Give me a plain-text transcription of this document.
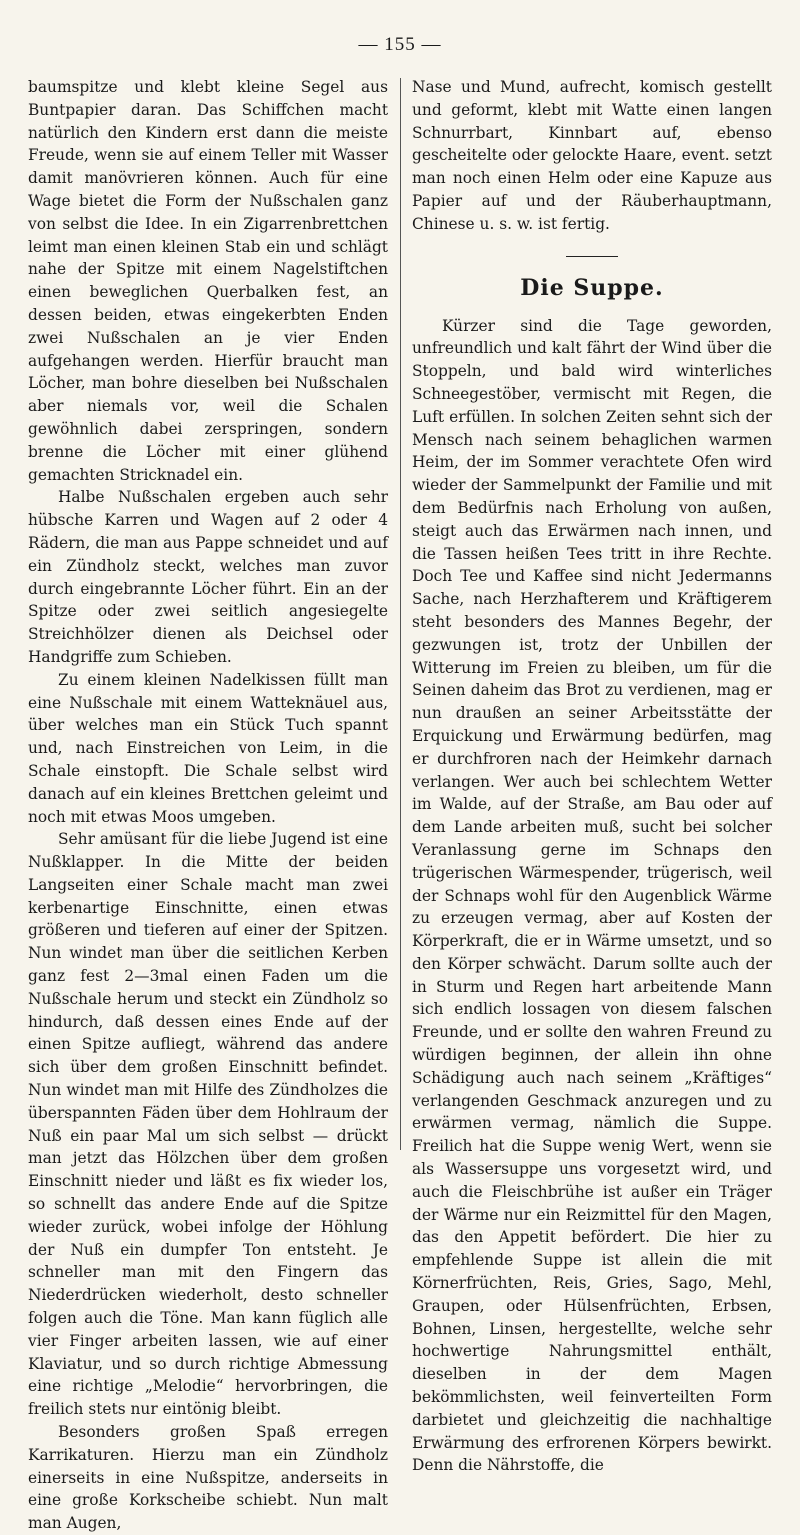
— 155 —

baumspitze und klebt kleine Segel aus Buntpapier daran. Das Schiffchen macht natürlich den Kindern erst dann die meiste Freude, wenn sie auf einem Teller mit Wasser damit manövrieren können. Auch für eine Wage bietet die Form der Nußschalen ganz von selbst die Idee. In ein Zigarrenbrettchen leimt man einen kleinen Stab ein und schlägt nahe der Spitze mit einem Nagelstiftchen einen beweglichen Querbalken fest, an dessen beiden, etwas eingekerbten Enden zwei Nußschalen an je vier Enden aufgehangen werden. Hierfür braucht man Löcher, man bohre dieselben bei Nußschalen aber niemals vor, weil die Schalen gewöhnlich dabei zerspringen, sondern brenne die Löcher mit einer glühend gemachten Stricknadel ein.

Halbe Nußschalen ergeben auch sehr hübsche Karren und Wagen auf 2 oder 4 Rädern, die man aus Pappe schneidet und auf ein Zündholz steckt, welches man zuvor durch eingebrannte Löcher führt. Ein an der Spitze oder zwei seitlich angesiegelte Streichhölzer dienen als Deichsel oder Handgriffe zum Schieben.

Zu einem kleinen Nadelkissen füllt man eine Nußschale mit einem Watteknäuel aus, über welches man ein Stück Tuch spannt und, nach Einstreichen von Leim, in die Schale einstopft. Die Schale selbst wird danach auf ein kleines Brettchen geleimt und noch mit etwas Moos umgeben.

Sehr amüsant für die liebe Jugend ist eine Nußklapper. In die Mitte der beiden Langseiten einer Schale macht man zwei kerbenartige Einschnitte, einen etwas größeren und tieferen auf einer der Spitzen. Nun windet man über die seitlichen Kerben ganz fest 2—3mal einen Faden um die Nußschale herum und steckt ein Zündholz so hindurch, daß dessen eines Ende auf der einen Spitze aufliegt, während das andere sich über dem großen Einschnitt befindet. Nun windet man mit Hilfe des Zündholzes die überspannten Fäden über dem Hohlraum der Nuß ein paar Mal um sich selbst — drückt man jetzt das Hölzchen über dem großen Einschnitt nieder und läßt es fix wieder los, so schnellt das andere Ende auf die Spitze wieder zurück, wobei infolge der Höhlung der Nuß ein dumpfer Ton entsteht. Je schneller man mit den Fingern das Niederdrücken wiederholt, desto schneller folgen auch die Töne. Man kann füglich alle vier Finger arbeiten lassen, wie auf einer Klaviatur, und so durch richtige Abmessung eine richtige „Melodie“ hervorbringen, die freilich stets nur eintönig bleibt.

Besonders großen Spaß erregen Karrikaturen. Hierzu man ein Zündholz einerseits in eine Nußspitze, anderseits in eine große Korkscheibe schiebt. Nun malt man Augen,

Nase und Mund, aufrecht, komisch gestellt und geformt, klebt mit Watte einen langen Schnurrbart, Kinnbart auf, ebenso gescheitelte oder gelockte Haare, event. setzt man noch einen Helm oder eine Kapuze aus Papier auf und der Räuberhauptmann, Chinese u. s. w. ist fertig.

Die Suppe.

Kürzer sind die Tage geworden, unfreundlich und kalt fährt der Wind über die Stoppeln, und bald wird winterliches Schneegestöber, vermischt mit Regen, die Luft erfüllen. In solchen Zeiten sehnt sich der Mensch nach seinem behaglichen warmen Heim, der im Sommer verachtete Ofen wird wieder der Sammelpunkt der Familie und mit dem Bedürfnis nach Erholung von außen, steigt auch das Erwärmen nach innen, und die Tassen heißen Tees tritt in ihre Rechte. Doch Tee und Kaffee sind nicht Jedermanns Sache, nach Herzhafterem und Kräftigerem steht besonders des Mannes Begehr, der gezwungen ist, trotz der Unbillen der Witterung im Freien zu bleiben, um für die Seinen daheim das Brot zu verdienen, mag er nun draußen an seiner Arbeitsstätte der Erquickung und Erwärmung bedürfen, mag er durchfroren nach der Heimkehr darnach verlangen. Wer auch bei schlechtem Wetter im Walde, auf der Straße, am Bau oder auf dem Lande arbeiten muß, sucht bei solcher Veranlassung gerne im Schnaps den trügerischen Wärmespender, trügerisch, weil der Schnaps wohl für den Augenblick Wärme zu erzeugen vermag, aber auf Kosten der Körperkraft, die er in Wärme umsetzt, und so den Körper schwächt. Darum sollte auch der in Sturm und Regen hart arbeitende Mann sich endlich lossagen von diesem falschen Freunde, und er sollte den wahren Freund zu würdigen beginnen, der allein ihn ohne Schädigung auch nach seinem „Kräftiges“ verlangenden Geschmack anzuregen und zu erwärmen vermag, nämlich die Suppe. Freilich hat die Suppe wenig Wert, wenn sie als Wassersuppe uns vorgesetzt wird, und auch die Fleischbrühe ist außer ein Träger der Wärme nur ein Reizmittel für den Magen, das den Appetit befördert. Die hier zu empfehlende Suppe ist allein die mit Körnerfrüchten, Reis, Gries, Sago, Mehl, Graupen, oder Hülsenfrüchten, Erbsen, Bohnen, Linsen, hergestellte, welche sehr hochwertige Nahrungsmittel enthält, dieselben in der dem Magen bekömmlichsten, weil feinverteilten Form darbietet und gleichzeitig die nachhaltige Erwärmung des erfrorenen Körpers bewirkt. Denn die Nährstoffe, die
